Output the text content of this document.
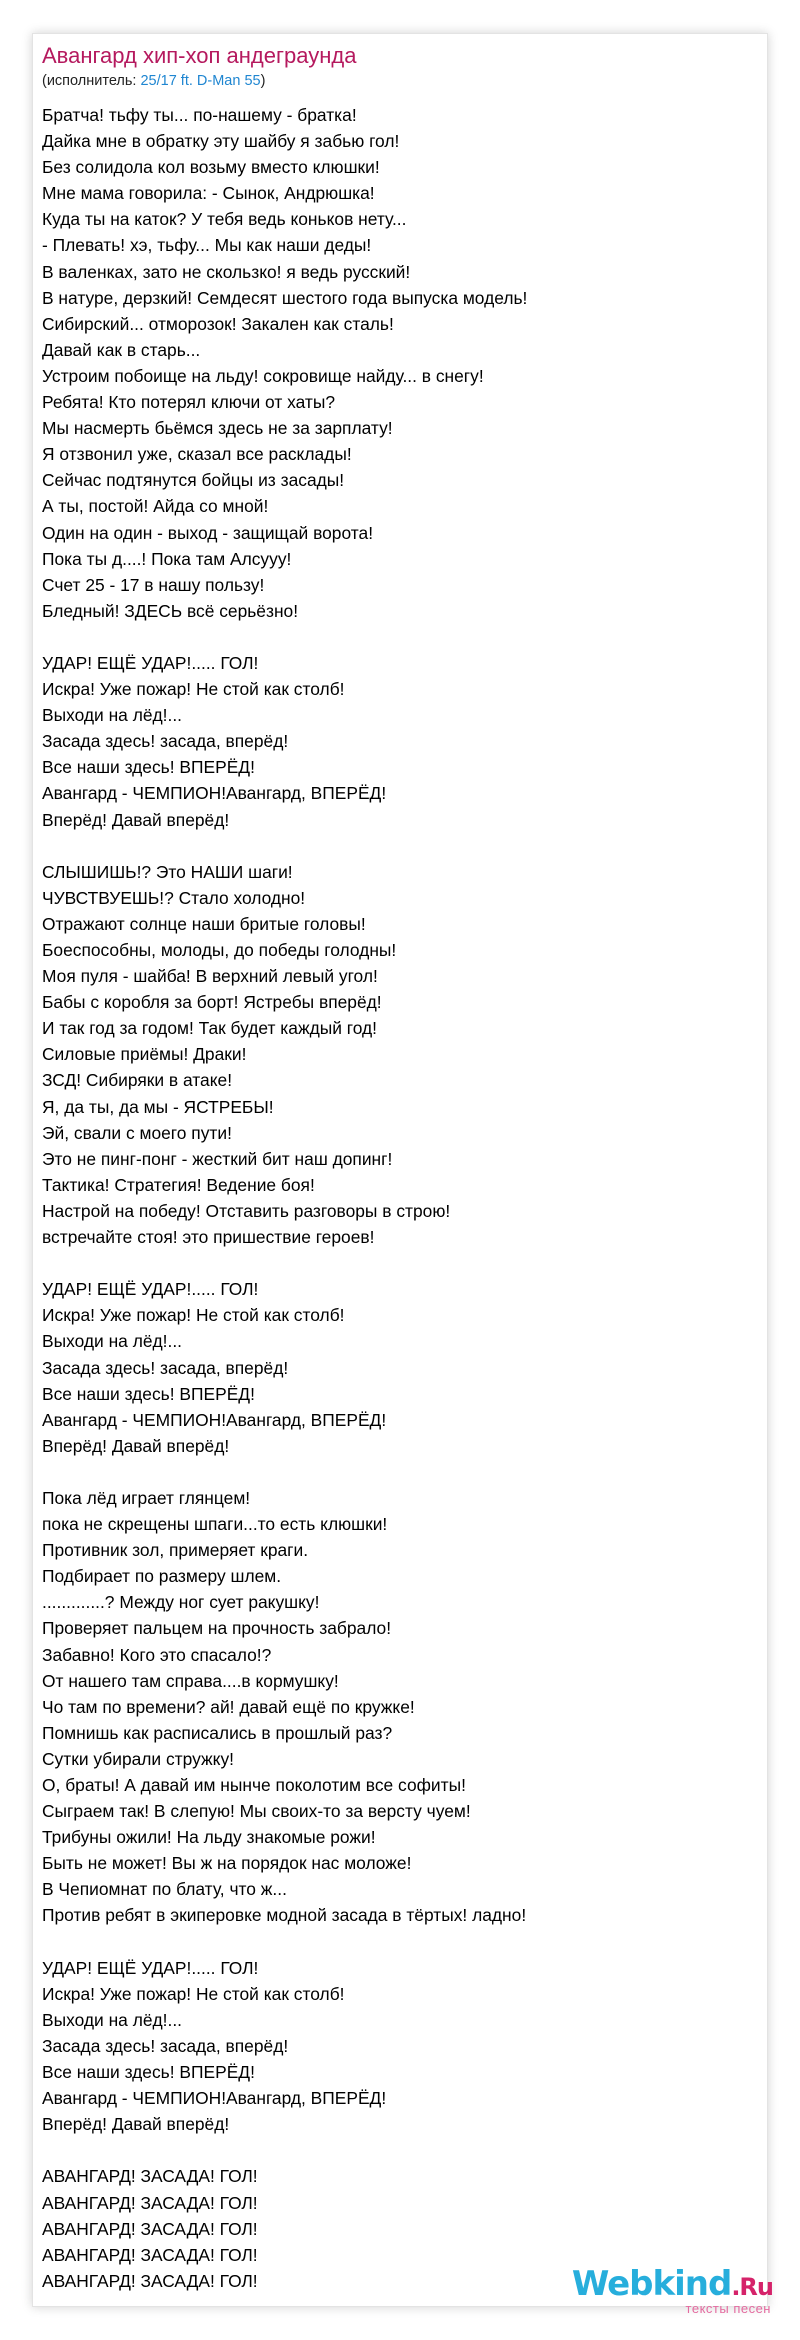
Авангард хип-хоп андеграунда
(исполнитель: 25/17 ft. D-Man 55)
Братча! тьфу ты... по-нашему - братка!
Дайка мне в обратку эту шайбу я забью гол!
Без солидола кол возьму вместо клюшки!
Мне мама говорила: - Сынок, Андрюшка!
Куда ты на каток? У тебя ведь коньков нету...
- Плевать! хэ, тьфу... Мы как наши деды!
В валенках, зато не скользко! я ведь русский!
В натуре, дерзкий! Семдесят шестого года выпуска модель!
Сибирский... отморозок! Закален как сталь!
Давай как в старь...
Устроим побоище на льду! сокровище найду... в снегу!
Ребята! Кто потерял ключи от хаты?
Мы насмерть бьёмся здесь не за зарплату!
Я отзвонил уже, сказал все расклады!
Сейчас подтянутся бойцы из засады!
А ты, постой! Айда со мной!
Один на один - выход - защищай ворота!
Пока ты д....! Пока там Алсууу!
Счет 25 - 17 в нашу пользу!
Бледный! ЗДЕСЬ всё серьёзно!
УДАР! ЕЩЁ УДАР!..... ГОЛ!
Искра! Уже пожар! Не стой как столб!
Выходи на лёд!...
Засада здесь! засада, вперёд!
Все наши здесь! ВПЕРЁД!
Авангард - ЧЕМПИОН!Авангард, ВПЕРЁД!
Вперёд! Давай вперёд!
СЛЫШИШЬ!? Это НАШИ шаги!
ЧУВСТВУЕШЬ!? Стало холодно!
Отражают солнце наши бритые головы!
Боеспособны, молоды, до победы голодны!
Моя пуля - шайба! В верхний левый угол!
Бабы с коробля за борт! Ястребы вперёд!
И так год за годом! Так будет каждый год!
Силовые приёмы! Драки!
ЗСД! Сибиряки в атаке!
Я, да ты, да мы - ЯСТРЕБЫ!
Эй, свали с моего пути!
Это не пинг-понг - жесткий бит наш допинг!
Тактика! Стратегия! Ведение боя!
Настрой на победу! Отставить разговоры в строю!
встречайте стоя! это пришествие героев!
УДАР! ЕЩЁ УДАР!..... ГОЛ!
Искра! Уже пожар! Не стой как столб!
Выходи на лёд!...
Засада здесь! засада, вперёд!
Все наши здесь! ВПЕРЁД!
Авангард - ЧЕМПИОН!Авангард, ВПЕРЁД!
Вперёд! Давай вперёд!
Пока лёд играет глянцем!
пока не скрещены шпаги...то есть клюшки!
Противник зол, примеряет краги.
Подбирает по размеру шлем.
.............? Между ног сует ракушку!
Проверяет пальцем на прочность забрало!
Забавно! Кого это спасало!?
От нашего там справа....в кормушку!
Чо там по времени? ай! давай ещё по кружке!
Помнишь как расписались в прошлый раз?
Сутки убирали стружку!
О, браты! А давай им нынче поколотим все софиты!
Сыграем так! В слепую! Мы своих-то за версту чуем!
Трибуны ожили! На льду знакомые рожи!
Быть не может! Вы ж на порядок нас моложе!
В Чепиомнат по блату, что ж...
Против ребят в экиперовке модной засада в тёртых! ладно!
УДАР! ЕЩЁ УДАР!..... ГОЛ!
Искра! Уже пожар! Не стой как столб!
Выходи на лёд!...
Засада здесь! засада, вперёд!
Все наши здесь! ВПЕРЁД!
Авангард - ЧЕМПИОН!Авангард, ВПЕРЁД!
Вперёд! Давай вперёд!
АВАНГАРД! ЗАСАДА! ГОЛ!
АВАНГАРД! ЗАСАДА! ГОЛ!
АВАНГАРД! ЗАСАДА! ГОЛ!
АВАНГАРД! ЗАСАДА! ГОЛ!
АВАНГАРД! ЗАСАДА! ГОЛ!	Webkind.Ru
тексты песен
